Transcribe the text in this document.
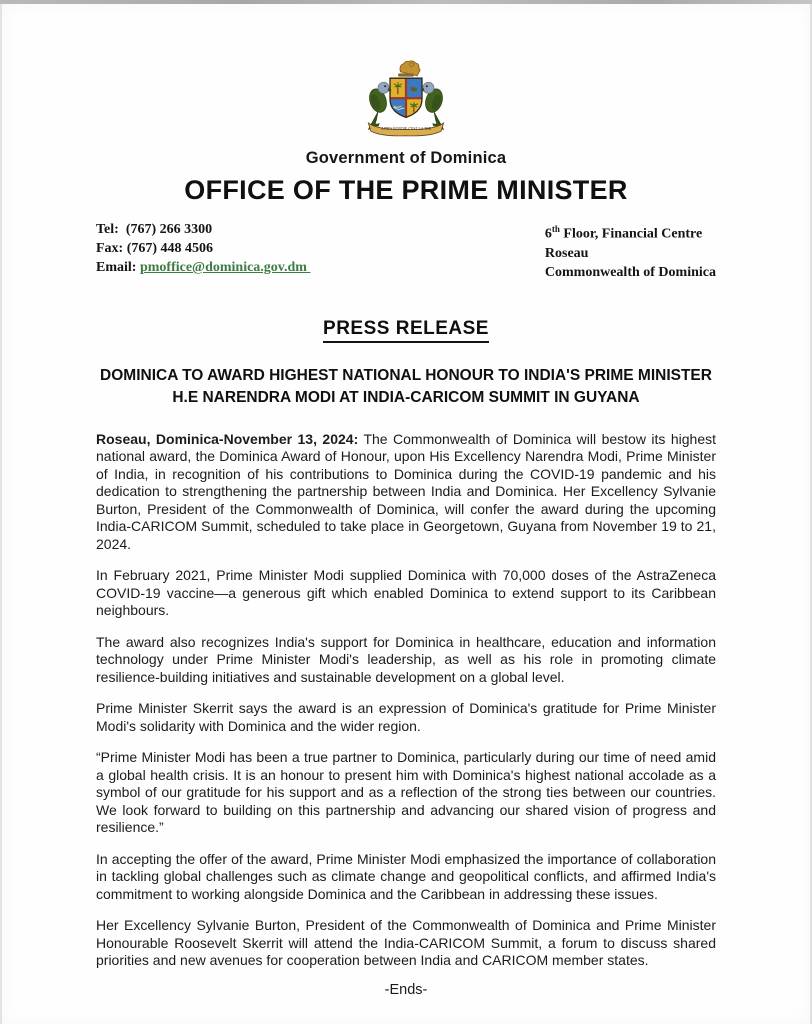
APRES BONDIE C'EST LA TER
Government of Dominica
OFFICE OF THE PRIME MINISTER
Tel: (767) 266 3300
Fax: (767) 448 4506
Email: pmoffice@dominica.gov.dm
6th Floor, Financial Centre
Roseau
Commonwealth of Dominica
PRESS RELEASE
DOMINICA TO AWARD HIGHEST NATIONAL HONOUR TO INDIA'S PRIME MINISTER H.E NARENDRA MODI AT INDIA-CARICOM SUMMIT IN GUYANA

Roseau, Dominica-November 13, 2024: The Commonwealth of Dominica will bestow its highest national award, the Dominica Award of Honour, upon His Excellency Narendra Modi, Prime Minister of India, in recognition of his contributions to Dominica during the COVID-19 pandemic and his dedication to strengthening the partnership between India and Dominica. Her Excellency Sylvanie Burton, President of the Commonwealth of Dominica, will confer the award during the upcoming India-CARICOM Summit, scheduled to take place in Georgetown, Guyana from November 19 to 21, 2024.

In February 2021, Prime Minister Modi supplied Dominica with 70,000 doses of the AstraZeneca COVID-19 vaccine—a generous gift which enabled Dominica to extend support to its Caribbean neighbours.

The award also recognizes India's support for Dominica in healthcare, education and information technology under Prime Minister Modi's leadership, as well as his role in promoting climate resilience-building initiatives and sustainable development on a global level.

Prime Minister Skerrit says the award is an expression of Dominica's gratitude for Prime Minister Modi's solidarity with Dominica and the wider region.

“Prime Minister Modi has been a true partner to Dominica, particularly during our time of need amid a global health crisis. It is an honour to present him with Dominica's highest national accolade as a symbol of our gratitude for his support and as a reflection of the strong ties between our countries. We look forward to building on this partnership and advancing our shared vision of progress and resilience.”

In accepting the offer of the award, Prime Minister Modi emphasized the importance of collaboration in tackling global challenges such as climate change and geopolitical conflicts, and affirmed India's commitment to working alongside Dominica and the Caribbean in addressing these issues.

Her Excellency Sylvanie Burton, President of the Commonwealth of Dominica and Prime Minister Honourable Roosevelt Skerrit will attend the India-CARICOM Summit, a forum to discuss shared priorities and new avenues for cooperation between India and CARICOM member states.

-Ends-
